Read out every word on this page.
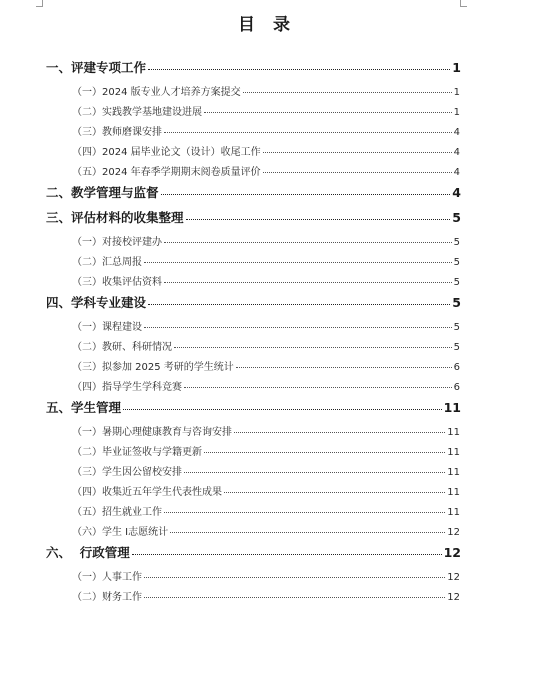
目 录
一、评建专项工作	1
（一）2024 版专业人才培养方案提交	1
（二）实践教学基地建设进展	1
（三）教师磨课安排	4
（四）2024 届毕业论文（设计）收尾工作	4
（五）2024 年春季学期期末阅卷质量评价	4
二、教学管理与监督	4
三、评估材料的收集整理	5
（一）对接校评建办	5
（二）汇总周报	5
（三）收集评估资料	5
四、学科专业建设	5
（一）课程建设	5
（二）教研、科研情况	5
（三）拟参加 2025 考研的学生统计	6
（四）指导学生学科竞赛	6
五、学生管理	11
（一）暑期心理健康教育与咨询安排	11
（二）毕业证签收与学籍更新	11
（三）学生因公留校安排	11
（四）收集近五年学生代表性成果	11
（五）招生就业工作	11
（六）学生 I志愿统计	12
六、  行政管理	12
（一）人事工作	12
（二）财务工作	12
